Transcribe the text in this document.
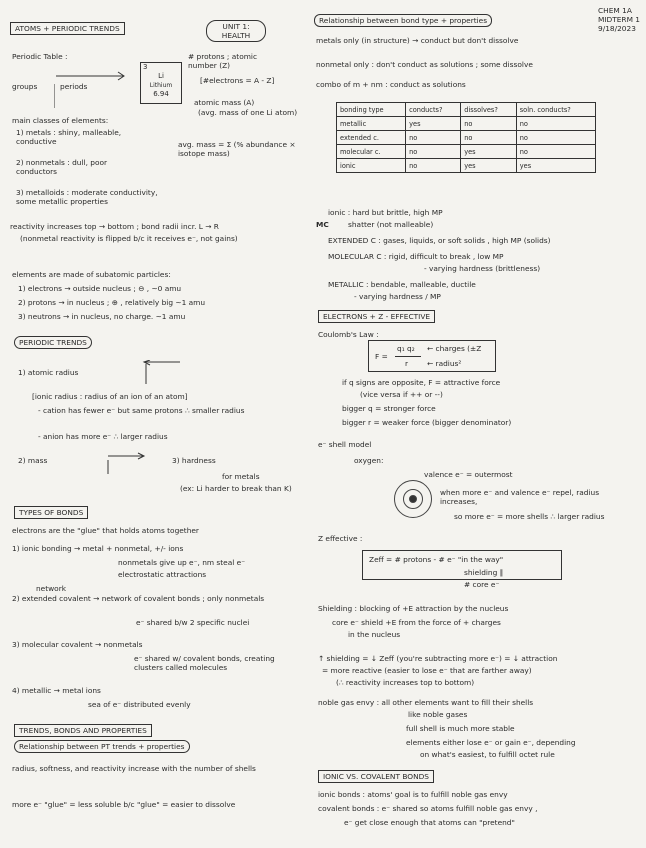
CHEM 1A
MIDTERM 1
9/18/2023
UNIT 1: HEALTH
ATOMS + PERIODIC TRENDS
Periodic Table :
groups	periods
3
Li
Lithium
6.94
# protons ; atomic number (Z)
[#electrons = A - Z]
atomic mass (A)
(avg. mass of one Li atom)
main classes of elements:
1) metals : shiny, malleable, conductive
2) nonmetals : dull, poor conductors
3) metalloids : moderate conductivity, some metallic properties
avg. mass = Σ (% abundance × isotope mass)
reactivity increases top → bottom ; bond radii incr. L → R
(nonmetal reactivity is flipped b/c it receives e⁻, not gains)
elements are made of subatomic particles:
1) electrons → outside nucleus ; ⊖ , ~0 amu
2) protons → in nucleus ; ⊕ , relatively big ~1 amu
3) neutrons → in nucleus, no charge. ~1 amu
PERIODIC TRENDS
1) atomic radius
[ionic radius : radius of an ion of an atom]
- cation has fewer e⁻ but same protons ∴ smaller radius
- anion has more e⁻ ∴ larger radius
2) mass	3) hardness
for metals
(ex: Li harder to break than K)
TYPES OF BONDS
electrons are the "glue" that holds atoms together
1) ionic bonding → metal + nonmetal, +/- ions
nonmetals give up e⁻, nm steal e⁻
electrostatic attractions
network
2) extended covalent → network of covalent bonds ; only nonmetals
e⁻ shared b/w 2 specific nuclei
3) molecular covalent → nonmetals
e⁻ shared w/ covalent bonds, creating clusters called molecules
4) metallic → metal ions
sea of e⁻ distributed evenly
TRENDS, BONDS AND PROPERTIES
Relationship between PT trends + properties
radius, softness, and reactivity increase with the number of shells
more e⁻ "glue" = less soluble b/c "glue" = easier to dissolve
Relationship between bond type + properties
metals only (in structure) → conduct but don't dissolve
nonmetal only : don't conduct as solutions ; some dissolve
combo of m + nm : conduct as solutions
bonding type	conducts?	dissolves?	soln. conducts?
metallic	yes	no	no
extended c.	no	no	no
molecular c.	no	yes	no
ionic	no	yes	yes
ionic : hard but brittle, high MP
MC	shatter (not malleable)
EXTENDED C : gases, liquids, or soft solids , high MP (solids)
MOLECULAR C : rigid, difficult to break , low MP
- varying hardness (brittleness)
METALLIC : bendable, malleable, ductile
- varying hardness / MP
ELECTRONS + Z - EFFECTIVE
Coulomb's Law :
F =
q₁ q₂
r
← charges (±Z
← radius²
if q signs are opposite, F = attractive force
(vice versa if ++ or --)
bigger q = stronger force
bigger r = weaker force (bigger denominator)
e⁻ shell model
oxygen:
valence e⁻ = outermost
when more e⁻ and valence e⁻ repel, radius increases,
so more e⁻ = more shells ∴ larger radius
Z effective :
Zeff = # protons - # e⁻ "in the way"
shielding ∥
# core e⁻
Shielding : blocking of +E attraction by the nucleus
core e⁻ shield +E from the force of + charges
in the nucleus
↑ shielding = ↓ Zeff (you're subtracting more e⁻) = ↓ attraction
= more reactive (easier to lose e⁻ that are farther away)
(∴ reactivity increases top to bottom)
noble gas envy : all other elements want to fill their shells
like noble gases
full shell is much more stable
elements either lose e⁻ or gain e⁻, depending
on what's easiest, to fulfill octet rule
IONIC VS. COVALENT BONDS
ionic bonds : atoms' goal is to fulfill noble gas envy
covalent bonds : e⁻ shared so atoms fulfill noble gas envy ,
e⁻ get close enough that atoms can "pretend"
